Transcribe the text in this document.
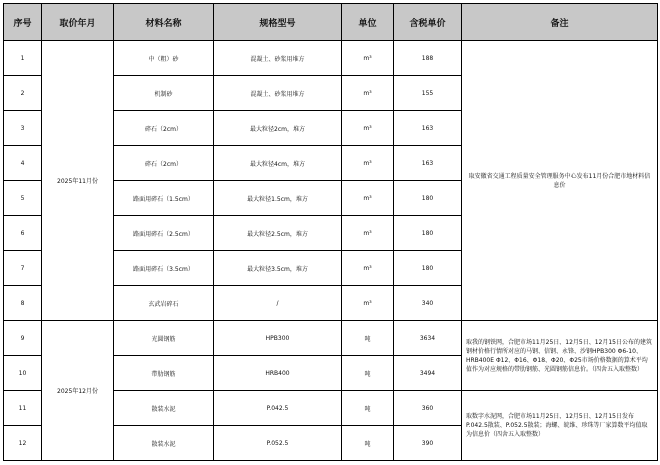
序号	取价年月	材料名称	规格型号	单位	含税单价	备注
1	2025年11月份	中（粗）砂	混凝土、砂浆用堆方	m³	188	取安徽省交通工程质量安全管理服务中心发布11月份合肥市地材料信息价
2		机制砂	混凝土、砂浆用堆方	m³	155	
3		碎石（2cm）	最大粒径2cm，堆方	m³	163	
4		碎石（2cm）	最大粒径4cm，堆方	m³	163	
5		路面用碎石（1.5cm）	最大粒径1.5cm，堆方	m³	180	
6		路面用碎石（2.5cm）	最大粒径2.5cm，堆方	m³	180	
7		路面用碎石（3.5cm）	最大粒径3.5cm，堆方	m³	180	
8		玄武岩碎石	/	m³	340	
9	2025年12月份	光圆钢筋	HPB300	吨	3634	取我的钢铁网，合肥市场11月25日、12月5日、12月15日公布的建筑钢材价格行情所对应的马钢、信钢、永锋、沙钢HPB300 Φ6-10、HRB400E Φ12、Φ16、Φ18、Φ20、Φ25市场价格数据的算术平均值作为对应规格的带肋钢筋、光圆钢筋信息价。（四舍五入取整数）
10		带肋钢筋	HRB400	吨	3494	
11		散装水泥	P.042.5	吨	360	取数字水泥网，合肥市场11月25日、12月5日、12月15日发布P.042.5散装、P.052.5散装；海螺、皖维、珍珠等厂家算数平均值取为信息价（四舍五入取整数）
12		散装水泥	P.052.5	吨	390	
